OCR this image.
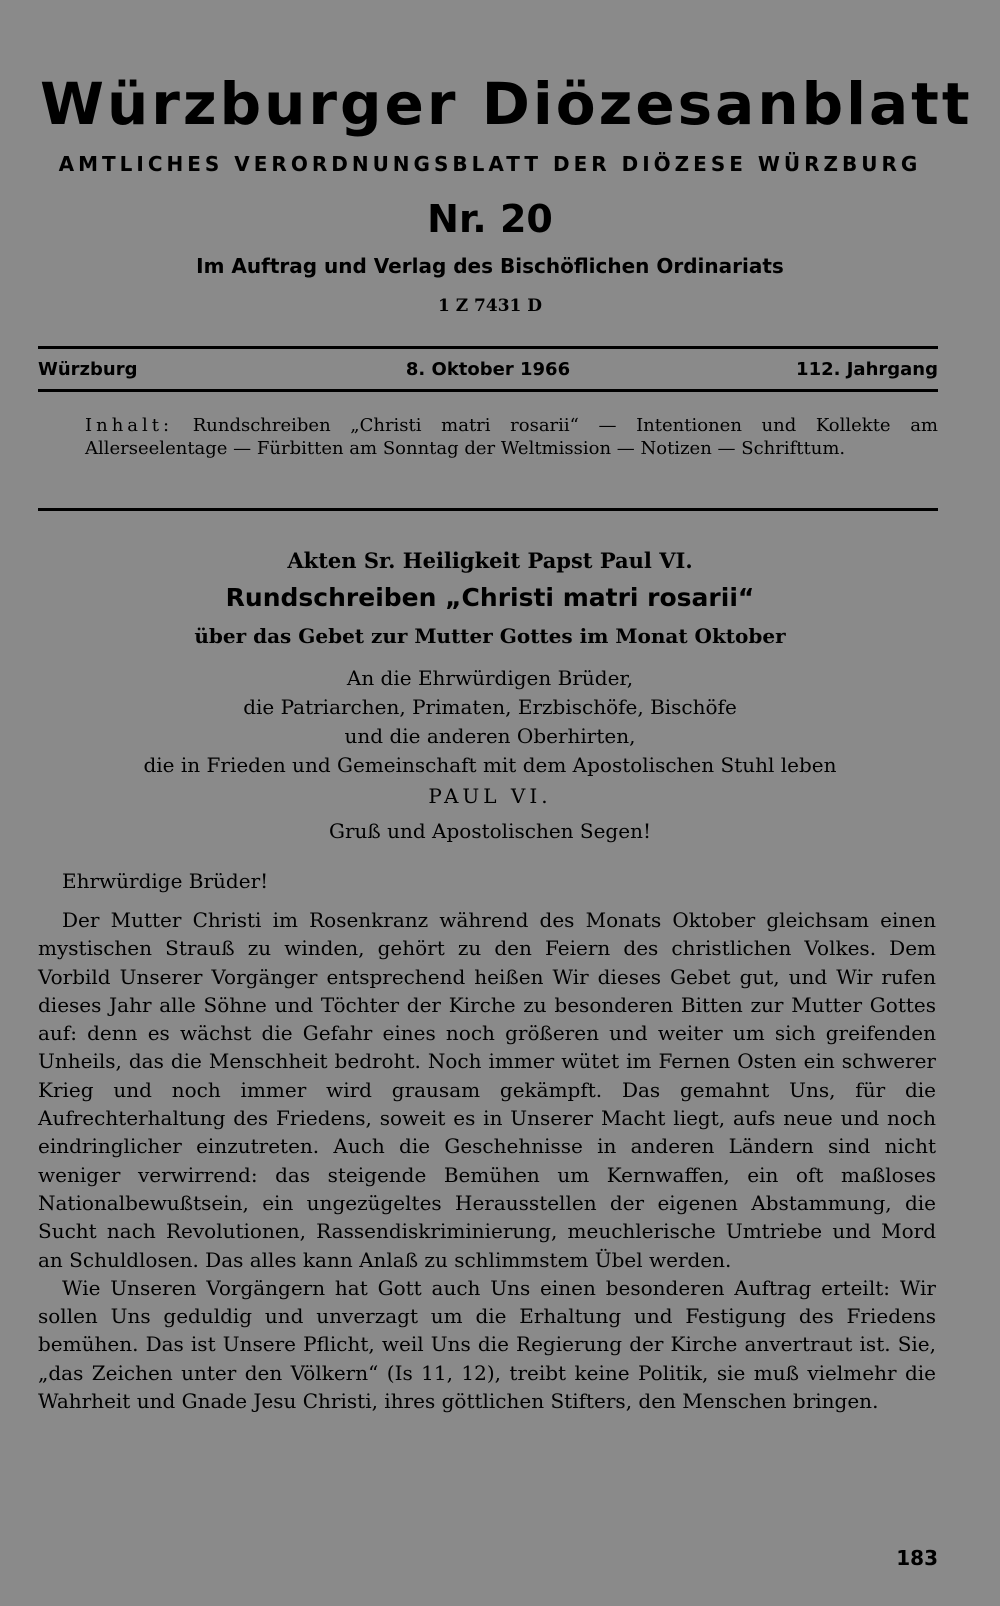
Würzburger Diözesanblatt
AMTLICHES VERORDNUNGSBLATT DER DIÖZESE WÜRZBURG
Nr. 20
Im Auftrag und Verlag des Bischöflichen Ordinariats
1 Z 7431 D
8. Oktober 1966
Würzburg	112. Jahrgang
Inhalt: Rundschreiben „Christi matri rosarii“ — Intentionen und Kollekte am Allerseelentage — Fürbitten am Sonntag der Weltmission — Notizen — Schrifttum.
Akten Sr. Heiligkeit Papst Paul VI.
Rundschreiben „Christi matri rosarii“
über das Gebet zur Mutter Gottes im Monat Oktober
An die Ehrwürdigen Brüder,
die Patriarchen, Primaten, Erzbischöfe, Bischöfe
und die anderen Oberhirten,
die in Frieden und Gemeinschaft mit dem Apostolischen Stuhl leben
PAUL VI.
Gruß und Apostolischen Segen!
Ehrwürdige Brüder!

Der Mutter Christi im Rosenkranz während des Monats Oktober gleichsam einen mystischen Strauß zu winden, gehört zu den Feiern des christlichen Volkes. Dem Vorbild Unserer Vorgänger entsprechend heißen Wir dieses Gebet gut, und Wir rufen dieses Jahr alle Söhne und Töchter der Kirche zu besonderen Bitten zur Mutter Gottes auf: denn es wächst die Gefahr eines noch größeren und weiter um sich greifenden Unheils, das die Menschheit bedroht. Noch immer wütet im Fernen Osten ein schwerer Krieg und noch immer wird grausam gekämpft. Das gemahnt Uns, für die Aufrechterhaltung des Friedens, soweit es in Unserer Macht liegt, aufs neue und noch eindringlicher einzutreten. Auch die Geschehnisse in anderen Ländern sind nicht weniger verwirrend: das steigende Bemühen um Kernwaffen, ein oft maßloses Nationalbewußtsein, ein ungezügeltes Herausstellen der eigenen Abstammung, die Sucht nach Revolutionen, Rassendiskriminierung, meuchlerische Umtriebe und Mord an Schuldlosen. Das alles kann Anlaß zu schlimmstem Übel werden.

Wie Unseren Vorgängern hat Gott auch Uns einen besonderen Auftrag erteilt: Wir sollen Uns geduldig und unverzagt um die Erhaltung und Festigung des Friedens bemühen. Das ist Unsere Pflicht, weil Uns die Regierung der Kirche anvertraut ist. Sie, „das Zeichen unter den Völkern“ (Is 11, 12), treibt keine Politik, sie muß vielmehr die Wahrheit und Gnade Jesu Christi, ihres göttlichen Stifters, den Menschen bringen.

183
